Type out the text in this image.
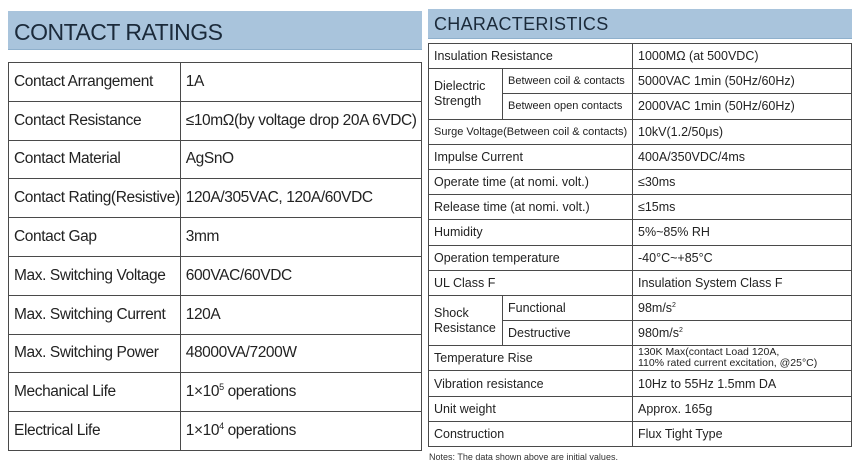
CONTACT RATINGS
Contact Arrangement	1A
Contact Resistance	≤10mΩ(by voltage drop 20A 6VDC)
Contact Material	AgSnO
Contact Rating(Resistive)	120A/305VAC, 120A/60VDC
Contact Gap	3mm
Max. Switching Voltage	600VAC/60VDC
Max. Switching Current	120A
Max. Switching Power	48000VA/7200W
Mechanical Life	$1\times 10^5$ operations
Electrical Life	$1\times 10^4$ operations
CHARACTERISTICS
Insulation Resistance		1000MΩ (at 500VDC)
Dielectric
Strength	Between coil & contacts	5000VAC 1min (50Hz/60Hz)
	Between open contacts	2000VAC 1min (50Hz/60Hz)
Surge Voltage(Between coil & contacts)		10kV(1.2/50μs)
Impulse Current		400A/350VDC/4ms
Operate time (at nomi. volt.)		≤30ms
Release time (at nomi. volt.)		≤15ms
Humidity		5%~85% RH
Operation temperature		-40°C~+85°C
UL Class F		Insulation System Class F
Shock
Resistance	Functional	$98m/s^2$
	Destructive	$980m/s^2$
Temperature Rise		130K Max(contact Load 120A,
110% rated current excitation, @25°C)
Vibration resistance		10Hz to 55Hz 1.5mm DA
Unit weight		Approx. 165g
Construction		Flux Tight Type
Notes: The data shown above are initial values.
